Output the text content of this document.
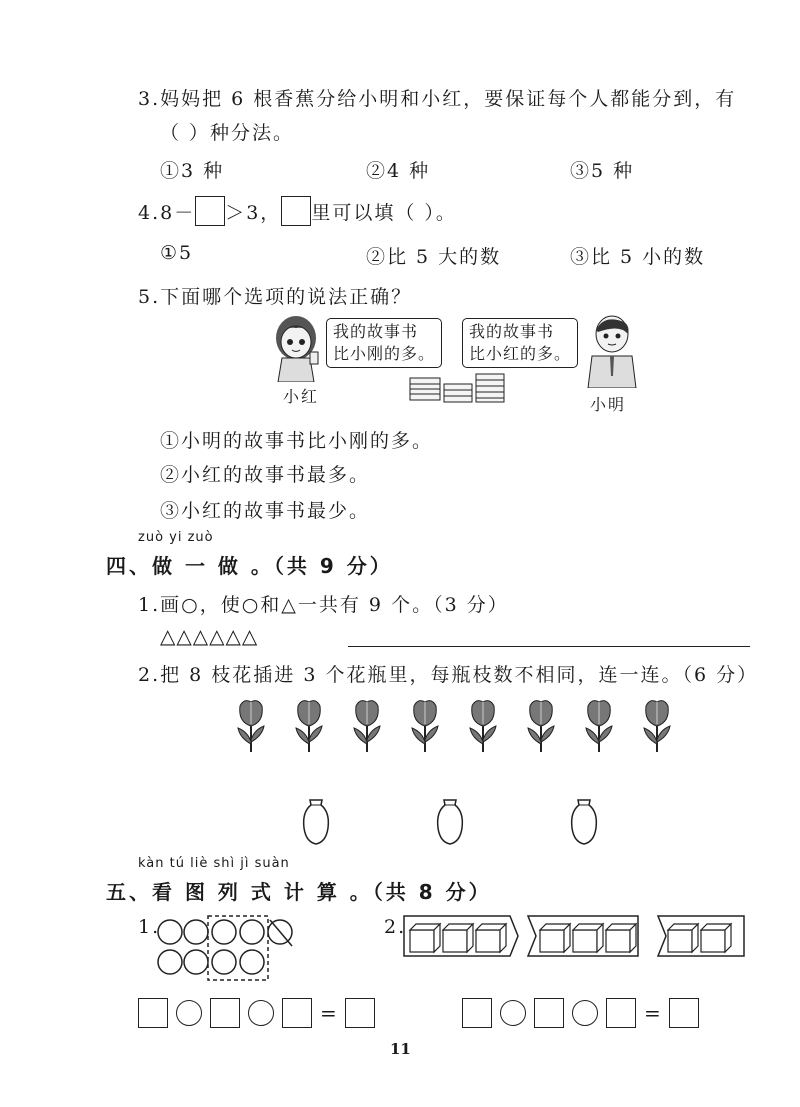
3.妈妈把 6 根香蕉分给小明和小红，要保证每个人都能分到，有
（ ）种分法。
①3 种	②4 种	③5 种
4.8－ ＞3， 里可以填（ ）。
①5	②比 5 大的数	③比 5 小的数
5.下面哪个选项的说法正确？
小红
我的故事书
比小刚的多。
我的故事书
比小红的多。
小明
①小明的故事书比小刚的多。
②小红的故事书最多。
③小红的故事书最少。
zuò yi zuò
四、做 一 做 。（共 9 分）
1.画○，使○和△一共有 9 个。（3 分）
△△△△△△
2.把 8 枝花插进 3 个花瓶里，每瓶枝数不相同，连一连。（6 分）
kàn tú liè shì jì suàn
五、看 图 列 式 计 算 。（共 8 分）
1.	2.
=	=
11
